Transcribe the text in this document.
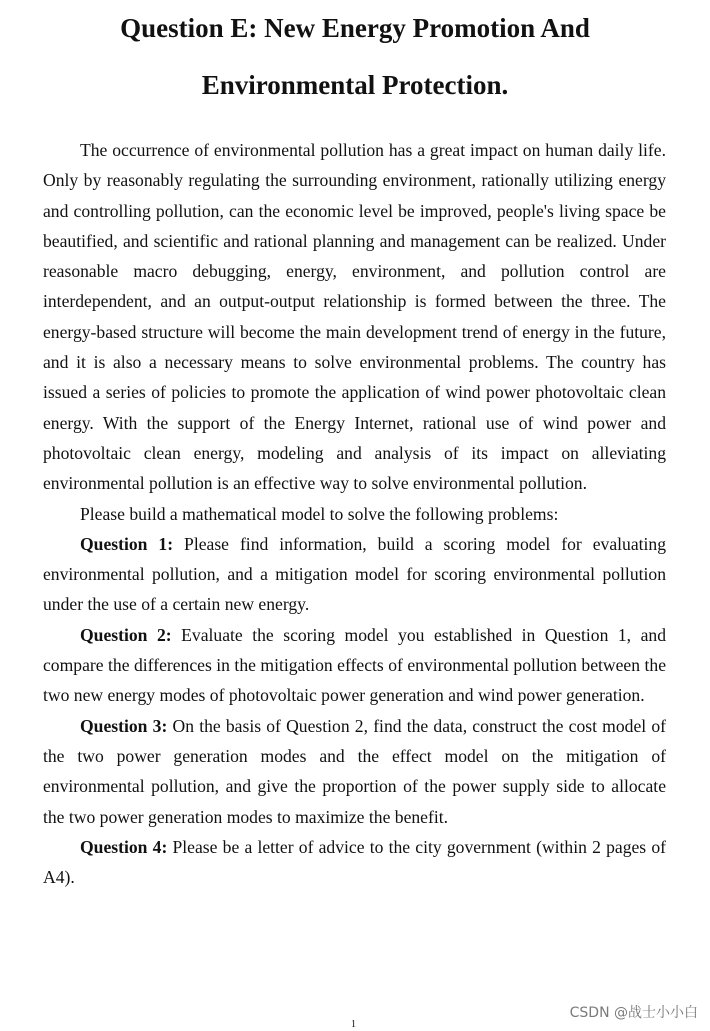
Question E: New Energy Promotion And
Environmental Protection.

The occurrence of environmental pollution has a great impact on human daily life. Only by reasonably regulating the surrounding environment, rationally utilizing energy and controlling pollution, can the economic level be improved, people's living space be beautified, and scientific and rational planning and management can be realized. Under reasonable macro debugging, energy, environment, and pollution control are interdependent, and an output-output relationship is formed between the three. The energy-based structure will become the main development trend of energy in the future, and it is also a necessary means to solve environmental problems. The country has issued a series of policies to promote the application of wind power photovoltaic clean energy. With the support of the Energy Internet, rational use of wind power and photovoltaic clean energy, modeling and analysis of its impact on alleviating environmental pollution is an effective way to solve environmental pollution.

Please build a mathematical model to solve the following problems:

Question 1: Please find information, build a scoring model for evaluating environmental pollution, and a mitigation model for scoring environmental pollution under the use of a certain new energy.

Question 2: Evaluate the scoring model you established in Question 1, and compare the differences in the mitigation effects of environmental pollution between the two new energy modes of photovoltaic power generation and wind power generation.

Question 3: On the basis of Question 2, find the data, construct the cost model of the two power generation modes and the effect model on the mitigation of environmental pollution, and give the proportion of the power supply side to allocate the two power generation modes to maximize the benefit.

Question 4: Please be a letter of advice to the city government (within 2 pages of A4).

CSDN @战士小小白
1
